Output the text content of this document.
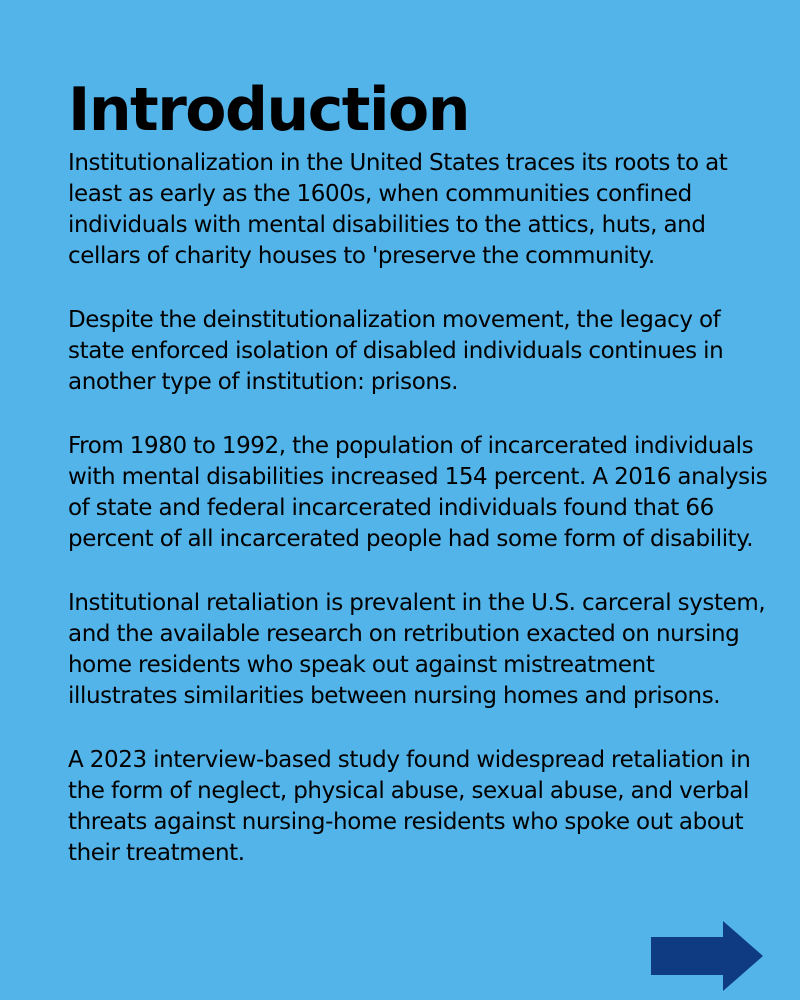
Introduction

Institutionalization in the United States traces its roots to at least as early as the 1600s, when communities confined individuals with mental disabilities to the attics, huts, and cellars of charity houses to 'preserve the community.

Despite the deinstitutionalization movement, the legacy of state enforced isolation of disabled individuals continues in another type of institution: prisons.

From 1980 to 1992, the population of incarcerated individuals with mental disabilities increased 154 percent. A 2016 analysis of state and federal incarcerated individuals found that 66 percent of all incarcerated people had some form of disability.

Institutional retaliation is prevalent in the U.S. carceral system, and the available research on retribution exacted on nursing home residents who speak out against mistreatment illustrates similarities between nursing homes and prisons.

A 2023 interview-based study found widespread retaliation in the form of neglect, physical abuse, sexual abuse, and verbal threats against nursing-home residents who spoke out about their treatment.
